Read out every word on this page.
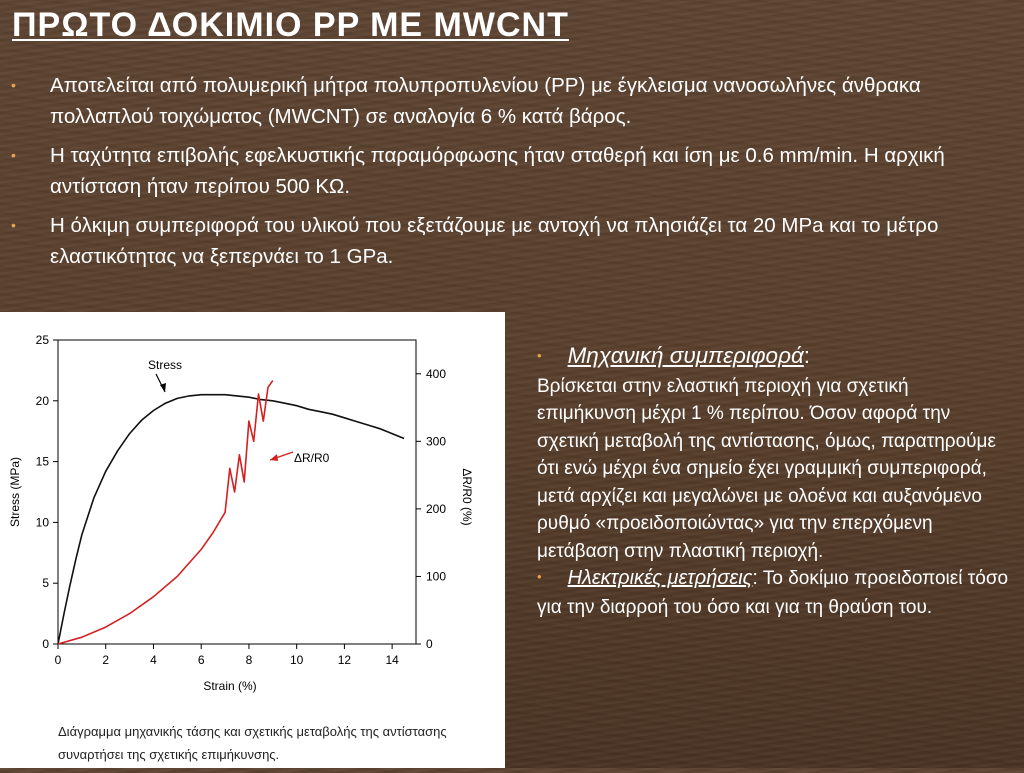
ΠΡΩΤΟ ΔΟΚΙΜΙΟ PP ΜΕ MWCNT
• Αποτελείται από πολυμερική μήτρα πολυπροπυλενίου (PP) με έγκλεισμα νανοσωλήνες άνθρακα πολλαπλού τοιχώματος (MWCNT) σε αναλογία 6 % κατά βάρος.
• Η ταχύτητα επιβολής εφελκυστικής παραμόρφωσης ήταν σταθερή και ίση με 0.6 mm/min. Η αρχική αντίσταση ήταν περίπου 500 KΩ.
• Η όλκιμη συμπεριφορά του υλικού που εξετάζουμε με αντοχή να πλησιάζει τα 20 MPa και το μέτρο ελαστικότητας να ξεπερνάει το 1 GPa.
0	2	4	6	8	10	12	14
0
5
10
15
20
25
0
100
200
300
400
Stress
ΔR/R0
Strain (%)
Stress (MPa)	ΔR/R0 (%)

Διάγραμμα μηχανικής τάσης και σχετικής μεταβολής της αντίστασης συναρτήσει της σχετικής επιμήκυνσης.

• Μηχανική συμπεριφορά:
Βρίσκεται στην ελαστική περιοχή για σχετική επιμήκυνση μέχρι 1 % περίπου. Όσον αφορά την σχετική μεταβολή της αντίστασης, όμως, παρατηρούμε ότι ενώ μέχρι ένα σημείο έχει γραμμική συμπεριφορά, μετά αρχίζει και μεγαλώνει με ολοένα και αυξανόμενο ρυθμό «προειδοποιώντας» για την επερχόμενη μετάβαση στην πλαστική περιοχή.
• Ηλεκτρικές μετρήσεις: Το δοκίμιο προειδοποιεί τόσο για την διαρροή του όσο και για τη θραύση του.
